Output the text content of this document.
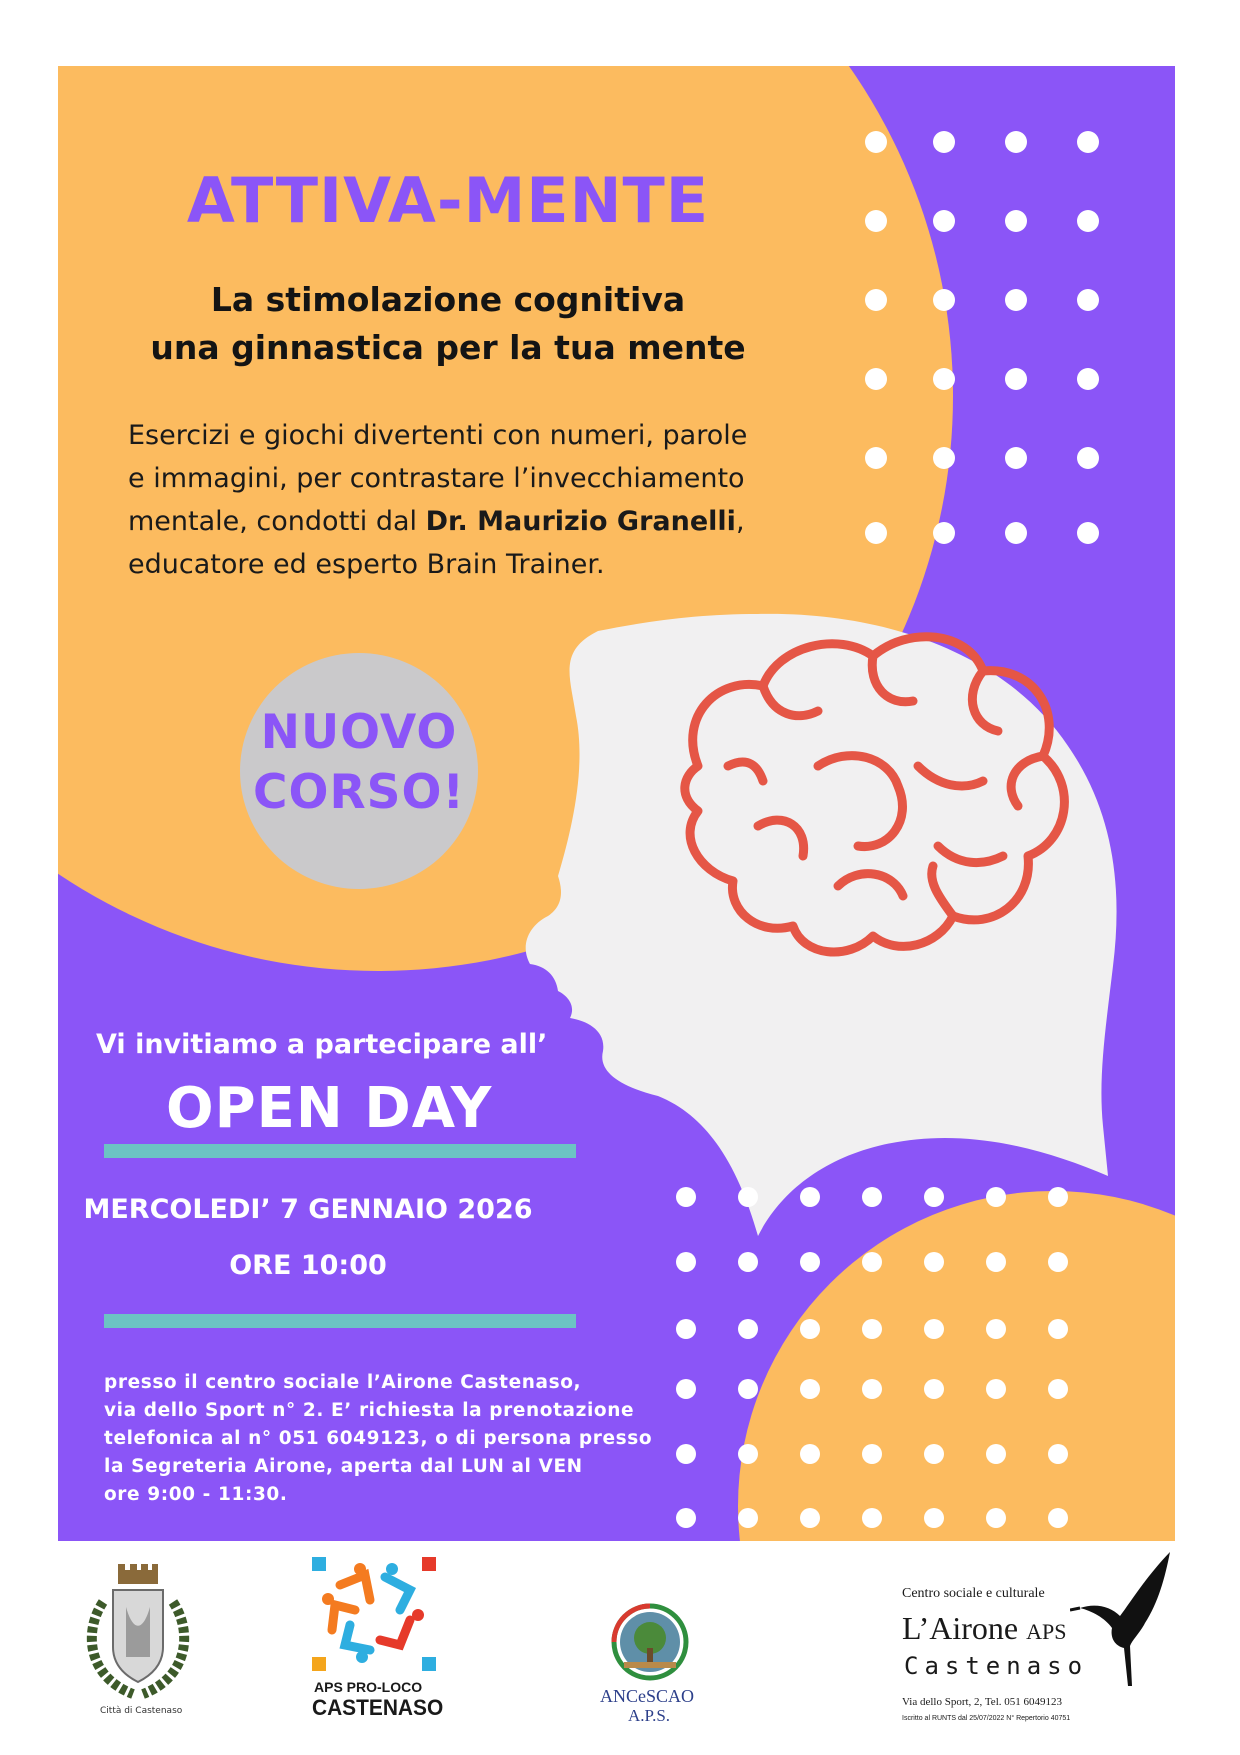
ATTIVA-MENTE
La stimolazione cognitiva
una ginnastica per la tua mente
Esercizi e giochi divertenti con numeri, parole
e immagini, per contrastare l’invecchiamento
mentale, condotti dal Dr. Maurizio Granelli,
educatore ed esperto Brain Trainer.
NUOVO
CORSO!
Vi invitiamo a partecipare all’
OPEN DAY
MERCOLEDI’ 7 GENNAIO 2026
ORE 10:00
presso il centro sociale l’Airone Castenaso,
via dello Sport n° 2. E’ richiesta la prenotazione
telefonica al n° 051 6049123, o di persona presso
la Segreteria Airone, aperta dal LUN al VEN
ore 9:00 - 11:30.
Città di Castenaso
APS PRO-LOCO
CASTENASO	ANCeSCAO
A.P.S.
Centro sociale e culturale
L’Airone APS
Castenaso
Via dello Sport, 2, Tel. 051 6049123
Iscritto al RUNTS dal 25/07/2022 N° Repertorio 40751
